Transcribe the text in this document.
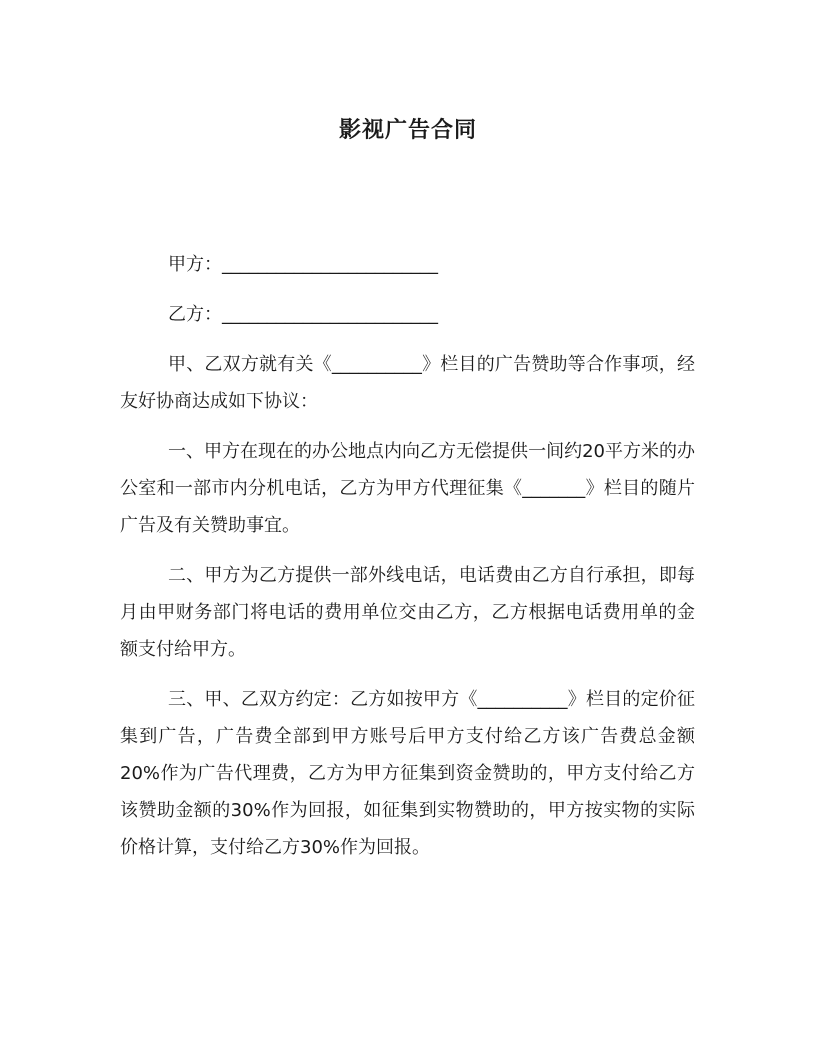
影视广告合同

甲方：________________________

乙方：________________________

甲、乙双方就有关《__________》栏目的广告赞助等合作事项，经友好协商达成如下协议：

一、甲方在现在的办公地点内向乙方无偿提供一间约20平方米的办公室和一部市内分机电话，乙方为甲方代理征集《_______》栏目的随片广告及有关赞助事宜。

二、甲方为乙方提供一部外线电话，电话费由乙方自行承担，即每月由甲财务部门将电话的费用单位交由乙方，乙方根据电话费用单的金额支付给甲方。

三、甲、乙双方约定：乙方如按甲方《__________》栏目的定价征集到广告，广告费全部到甲方账号后甲方支付给乙方该广告费总金额20%作为广告代理费，乙方为甲方征集到资金赞助的，甲方支付给乙方该赞助金额的30%作为回报，如征集到实物赞助的，甲方按实物的实际价格计算，支付给乙方30%作为回报。
